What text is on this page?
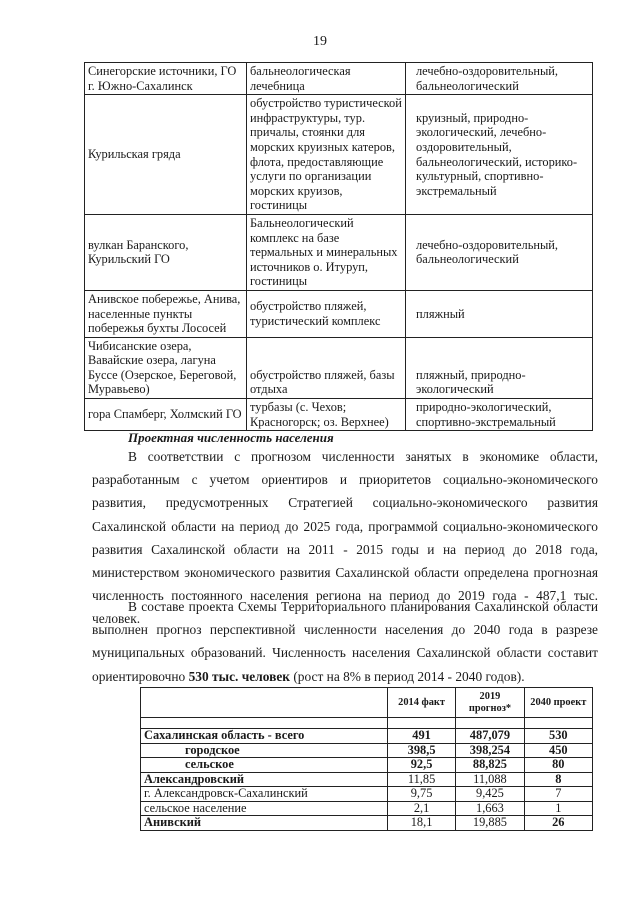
19
Синегорские источники, ГО г. Южно-Сахалинск	бальнеологическая лечебница	лечебно-оздоровительный, бальнеологический
Курильская гряда	обустройство туристической инфраструктуры, тур. причалы, стоянки для морских круизных катеров, флота, предоставляющие услуги по организации морских круизов, гостиницы	круизный, природно-экологический, лечебно-оздоровительный, бальнеологический, историко-культурный, спортивно-экстремальный
вулкан Баранского, Курильский ГО	Бальнеологический комплекс на базе термальных и минеральных источников о. Итуруп, гостиницы	лечебно-оздоровительный, бальнеологический
Анивское побережье, Анива, населенные пункты побережья бухты Лососей	обустройство пляжей, туристический комплекс	пляжный
Чибисанские озера, Вавайские озера, лагуна Буссе (Озерское, Береговой, Муравьево)	обустройство пляжей, базы отдыха	пляжный, природно-экологический
гора Спамберг, Холмский ГО	турбазы (с. Чехов; Красногорск; оз. Верхнее)	природно-экологический, спортивно-экстремальный
Проектная численность населения

В соответствии с прогнозом численности занятых в экономике области, разработанным с учетом ориентиров и приоритетов социально-экономического развития, предусмотренных Стратегией социально-экономического развития Сахалинской области на период до 2025 года, программой социально-экономического развития Сахалинской области на 2011 - 2015 годы и на период до 2018 года, министерством экономического развития Сахалинской области определена прогнозная численность постоянного населения региона на период до 2019 года - 487,1 тыс. человек.

В составе проекта Схемы Территориального планирования Сахалинской области выполнен прогноз перспективной численности населения до 2040 года в разрезе муниципальных образований. Численность населения Сахалинской области составит ориентировочно 530 тыс. человек (рост на 8% в период 2014 - 2040 годов).

	2014 факт	2019 прогноз*	2040 проект

Сахалинская область - всего	491	487,079	530
городское	398,5	398,254	450
сельское	92,5	88,825	80
Александровский	11,85	11,088	8
г. Александровск-Сахалинский	9,75	9,425	7
сельское население	2,1	1,663	1
Анивский	18,1	19,885	26
